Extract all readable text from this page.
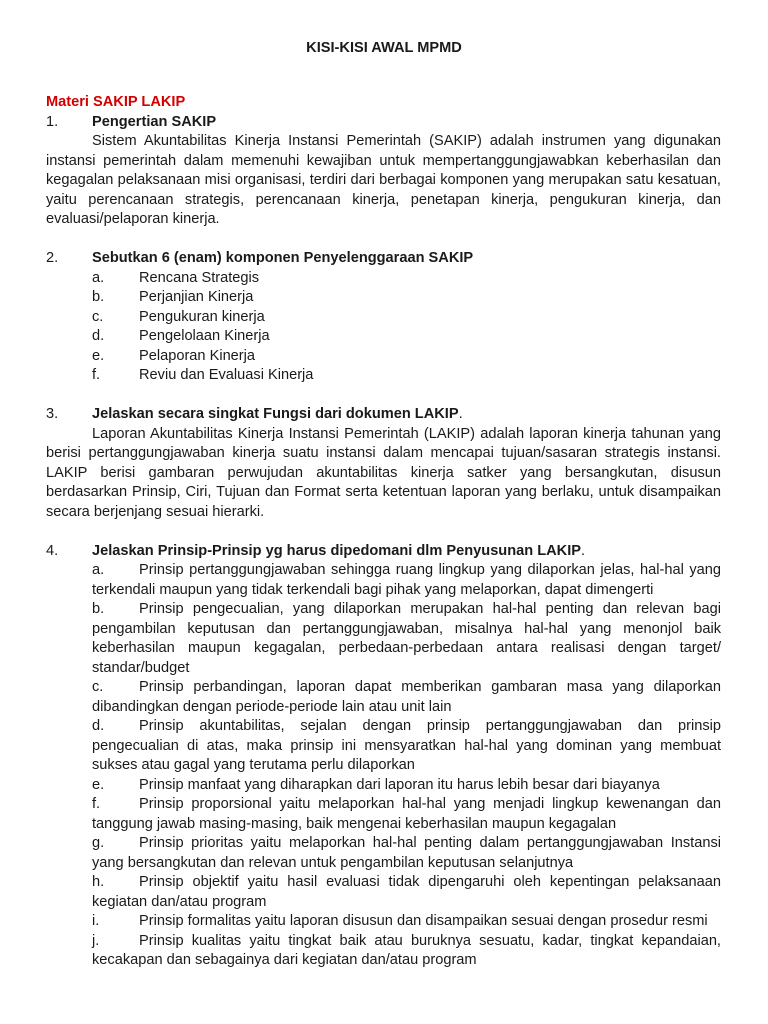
KISI-KISI AWAL MPMD
Materi SAKIP LAKIP
1.	Pengertian SAKIP
Sistem Akuntabilitas Kinerja Instansi Pemerintah (SAKIP) adalah instrumen yang digunakan instansi pemerintah dalam memenuhi kewajiban untuk mempertanggungjawabkan keberhasilan dan kegagalan pelaksanaan misi organisasi, terdiri dari berbagai komponen yang merupakan satu kesatuan, yaitu perencanaan strategis, perencanaan kinerja, penetapan kinerja, pengukuran kinerja, dan evaluasi/pelaporan kinerja.
2.	Sebutkan 6 (enam) komponen Penyelenggaraan SAKIP
a.	Rencana Strategis
b.	Perjanjian Kinerja
c.	Pengukuran kinerja
d.	Pengelolaan Kinerja
e.	Pelaporan Kinerja
f.	Reviu dan Evaluasi Kinerja
3.	Jelaskan secara singkat Fungsi dari dokumen LAKIP.
Laporan Akuntabilitas Kinerja Instansi Pemerintah (LAKIP) adalah laporan kinerja tahunan yang berisi pertanggungjawaban kinerja suatu instansi dalam mencapai tujuan/sasaran strategis instansi. LAKIP berisi gambaran perwujudan akuntabilitas kinerja satker yang bersangkutan, disusun berdasarkan Prinsip, Ciri, Tujuan dan Format serta ketentuan laporan yang berlaku, untuk disampaikan secara berjenjang sesuai hierarki.
4.	Jelaskan Prinsip-Prinsip yg harus dipedomani dlm Penyusunan LAKIP.
a. Prinsip pertanggungjawaban sehingga ruang lingkup yang dilaporkan jelas, hal-hal yang terkendali maupun yang tidak terkendali bagi pihak yang melaporkan, dapat dimengerti
b. Prinsip pengecualian, yang dilaporkan merupakan hal-hal penting dan relevan bagi pengambilan keputusan dan pertanggungjawaban, misalnya hal-hal yang menonjol baik keberhasilan maupun kegagalan, perbedaan-perbedaan antara realisasi dengan target/ standar/budget
c. Prinsip perbandingan, laporan dapat memberikan gambaran masa yang dilaporkan dibandingkan dengan periode-periode lain atau unit lain
d. Prinsip akuntabilitas, sejalan dengan prinsip pertanggungjawaban dan prinsip pengecualian di atas, maka prinsip ini mensyaratkan hal-hal yang dominan yang membuat sukses atau gagal yang terutama perlu dilaporkan
e. Prinsip manfaat yang diharapkan dari laporan itu harus lebih besar dari biayanya
f.	Prinsip proporsional yaitu melaporkan hal-hal yang menjadi lingkup kewenangan dan tanggung jawab masing-masing, baik mengenai keberhasilan maupun kegagalan
g. Prinsip prioritas yaitu melaporkan hal-hal penting dalam pertanggungjawaban Instansi yang bersangkutan dan relevan untuk pengambilan keputusan selanjutnya
h. Prinsip objektif yaitu hasil evaluasi tidak dipengaruhi oleh kepentingan pelaksanaan kegiatan dan/atau program
i.	Prinsip formalitas yaitu laporan disusun dan disampaikan sesuai dengan prosedur resmi
j.	Prinsip kualitas yaitu tingkat baik atau buruknya sesuatu, kadar, tingkat kepandaian, kecakapan dan sebagainya dari kegiatan dan/atau program
